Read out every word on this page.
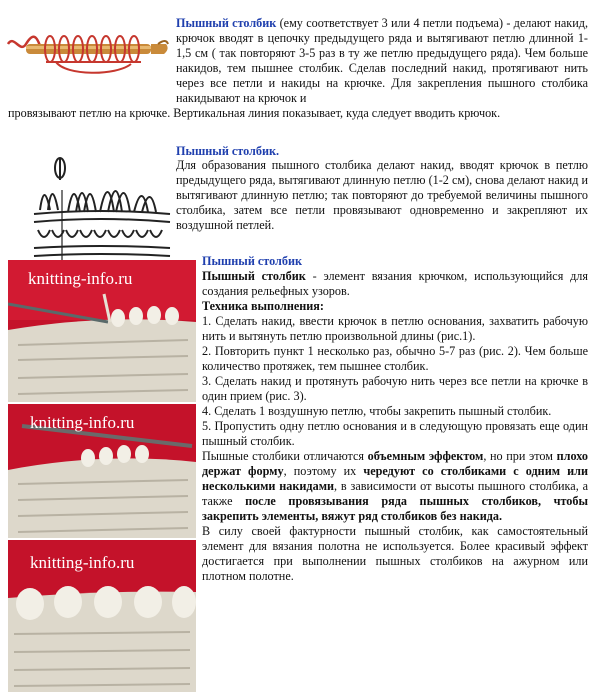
Пышный столбик (ему соответствует 3 или 4 петли подъема) - делают накид, крючок вводят в цепочку предыдущего ряда и вытягивают петлю длинной 1-1,5 см ( так повторяют 3-5 раз в ту же петлю предыдущего ряда). Чем больше накидов, тем пышнее столбик. Сделав последний накид, протягивают нить через все петли и накиды на крючке. Для закрепления пышного столбика накидывают на крючок и

провязывают петлю на крючке. Вертикальная линия показывает, куда следует вводить крючок.

Пышный столбик.

Для образования пышного столбика делают накид, вводят крючок в петлю предыдущего ряда, вытягивают длинную петлю (1-2 см), снова делают накид и вытягивают длинную петлю; так повторяют до требуемой величины пышного столбика, затем все петли провязывают одновременно и закрепляют их воздушной петлей.

knitting-info.ru
knitting-info.ru
knitting-info.ru

Пышный столбик

Пышный столбик - элемент вязания крючком, использующийся для создания рельефных узоров.

Техника выполнения:

1. Сделать накид, ввести крючок в петлю основания, захватить рабочую нить и вытянуть петлю произвольной длины (рис.1).

2. Повторить пункт 1 несколько раз, обычно 5-7 раз (рис. 2). Чем больше количество протяжек, тем пышнее столбик.

3. Сделать накид и протянуть рабочую нить через все петли на крючке в один прием (рис. 3).

4. Сделать 1 воздушную петлю, чтобы закрепить пышный столбик.

5. Пропустить одну петлю основания и в следующую провязать еще один пышный столбик.

Пышные столбики отличаются объемным эффектом, но при этом плохо держат форму, поэтому их чередуют со столбиками с одним или несколькими накидами, в зависимости от высоты пышного столбика, а также после провязывания ряда пышных столбиков, чтобы закрепить элементы, вяжут ряд столбиков без накида.

В силу своей фактурности пышный столбик, как самостоятельный элемент для вязания полотна не используется. Более красивый эффект достигается при выполнении пышных столбиков на ажурном или плотном полотне.
